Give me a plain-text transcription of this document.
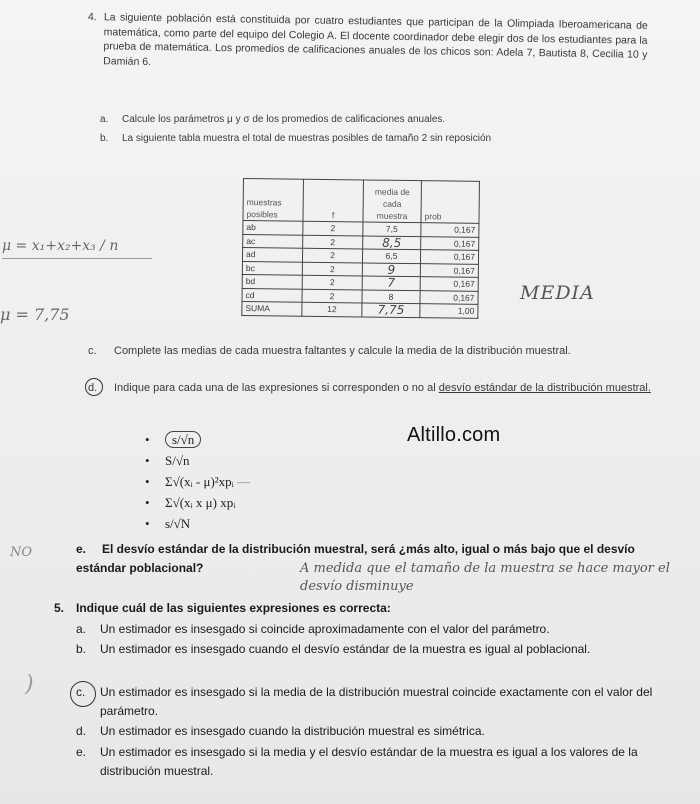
4. La siguiente población está constituida por cuatro estudiantes que participan de la Olimpiada Iberoamericana de matemática, como parte del equipo del Colegio A. El docente coordinador debe elegir dos de los estudiantes para la prueba de matemática. Los promedios de calificaciones anuales de los chicos son: Adela 7, Bautista 8, Cecilia 10 y Damián 6.

a. Calcule los parámetros μ y σ de los promedios de calificaciones anuales.
b. La siguiente tabla muestra el total de muestras posibles de tamaño 2 sin reposición
μ = x₁+x₂+x₃ / n
μ = 7,75
muestras posibles	f	media de cada muestra	prob
ab	2	7,5	0,167
ac	2	8,5	0,167
ad	2	6,5	0,167
bc	2	9	0,167
bd	2	7	0,167
cd	2	8	0,167
SUMA	12	7,75	1,00
MEDIA
c. Complete las medias de cada muestra faltantes y calcule la media de la distribución muestral.
d. Indique para cada una de las expresiones si corresponden o no al desvío estándar de la distribución muestral.
Altillo.com
• s/√n
• S/√n
• Σ√(xᵢ - μ)²xpᵢ —
• Σ√(xᵢ x μ) xpᵢ
• s/√N
NO	e. El desvío estándar de la distribución muestral, será ¿más alto, igual o más bajo que el desvío estándar poblacional?	A medida que el tamaño de la muestra se hace mayor el desvío disminuye
5. Indique cuál de las siguientes expresiones es correcta:
a. Un estimador es insesgado si coincide aproximadamente con el valor del parámetro.
b.	Un estimador es insesgado cuando el desvío estándar de la muestra es igual al poblacional.
)	c.	Un estimador es insesgado si la media de la distribución muestral coincide exactamente con el valor del parámetro.
d. Un estimador es insesgado cuando la distribución muestral es simétrica.
e.	Un estimador es insesgado si la media y el desvío estándar de la muestra es igual a los valores de la distribución muestral.
